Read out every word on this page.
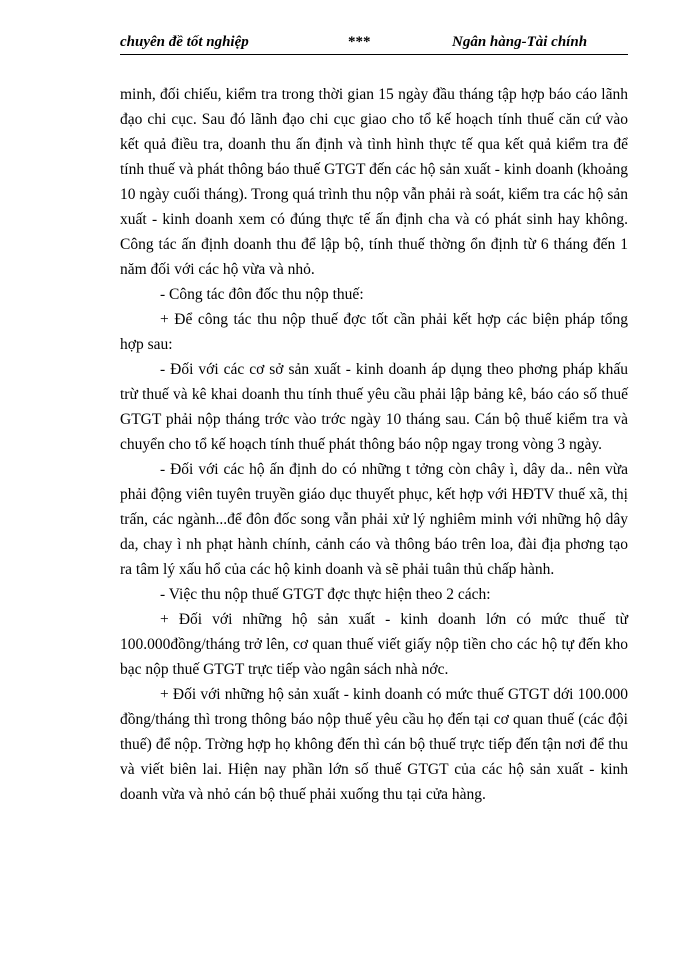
chuyên đề tốt nghiệp	***	Ngân hàng-Tài chính

minh, đối chiếu, kiểm tra trong thời gian 15 ngày đầu tháng tập hợp báo cáo lãnh đạo chi cục. Sau đó lãnh đạo chi cục giao cho tổ kế hoạch tính thuế căn cứ vào kết quả điều tra, doanh thu ấn định và tình hình thực tế qua kết quả kiểm tra để tính thuế và phát thông báo thuế GTGT đến các hộ sản xuất - kinh doanh (khoảng 10 ngày cuối tháng). Trong quá trình thu nộp vẫn phải rà soát, kiểm tra các hộ sản xuất - kinh doanh xem có đúng thực tế ấn định cha và có phát sinh hay không. Công tác ấn định doanh thu để lập bộ, tính thuế thờng ổn định từ 6 tháng đến 1 năm đối với các hộ vừa và nhỏ.

- Công tác đôn đốc thu nộp thuế:

+ Để công tác thu nộp thuế đợc tốt cần phải kết hợp các biện pháp tổng hợp sau:

- Đối với các cơ sở sản xuất - kinh doanh áp dụng theo phơng pháp khấu trừ thuế và kê khai doanh thu tính thuế yêu cầu phải lập bảng kê, báo cáo số thuế GTGT phải nộp tháng trớc vào trớc ngày 10 tháng sau. Cán bộ thuế kiểm tra và chuyển cho tổ kế hoạch tính thuế phát thông báo nộp ngay trong vòng 3 ngày.

- Đối với các hộ ấn định do có những t tởng còn chây ì, dây da.. nên vừa phải động viên tuyên truyền giáo dục thuyết phục, kết hợp với HĐTV thuế xã, thị trấn, các ngành...để đôn đốc song vẫn phải xử lý nghiêm minh với những hộ dây da, chay ì nh phạt hành chính, cảnh cáo và thông báo trên loa, đài địa phơng tạo ra tâm lý xấu hổ của các hộ kinh doanh và sẽ phải tuân thủ chấp hành.

- Việc thu nộp thuế GTGT đợc thực hiện theo 2 cách:

+ Đối với những hộ sản xuất - kinh doanh lớn có mức thuế từ 100.000đồng/tháng trở lên, cơ quan thuế viết giấy nộp tiền cho các hộ tự đến kho bạc nộp thuế GTGT trực tiếp vào ngân sách nhà nớc.

+ Đối với những hộ sản xuất - kinh doanh có mức thuế GTGT dới 100.000 đồng/tháng thì trong thông báo nộp thuế yêu cầu họ đến tại cơ quan thuế (các đội thuế) để nộp. Trờng hợp họ không đến thì cán bộ thuế trực tiếp đến tận nơi để thu và viết biên lai. Hiện nay phần lớn số thuế GTGT của các hộ sản xuất - kinh doanh vừa và nhỏ cán bộ thuế phải xuống thu tại cửa hàng.
